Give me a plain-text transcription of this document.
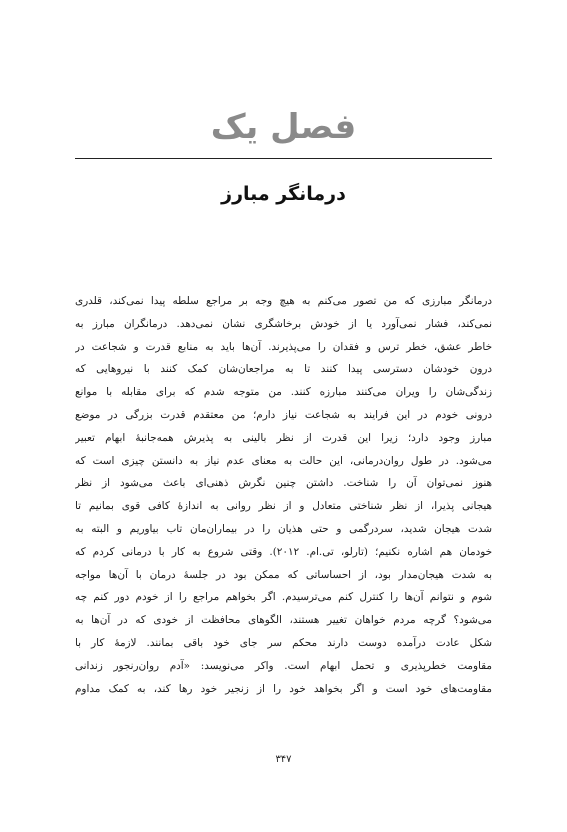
فصل یک
درمانگر مبارز
درمانگر مبارزی که من تصور می‌کنم به هیچ وجه بر مراجع سلطه پیدا نمی‌کند، قلدری
نمی‌کند، فشار نمی‌آورد یا از خودش برخاشگری نشان نمی‌دهد. درمانگران مبارز به
خاطر عشق، خطر ترس و فقدان را می‌پذیرند. آن‌ها باید به منابع قدرت و شجاعت در
درون خودشان دسترسی پیدا کنند تا به مراجعان‌شان کمک کنند با نیروهایی که
زندگی‌شان را ویران می‌کنند مبارزه کنند. من متوجه شدم که برای مقابله با موانع
درونی خودم در این فرایند به شجاعت نیاز دارم؛ من معتقدم قدرت بزرگی در موضع
مبارز وجود دارد؛ زیرا این قدرت از نظر بالینی به پذیرش همه‌جانبهٔ ابهام تعبیر
می‌شود. در طول روان‌درمانی، این حالت به معنای عدم نیاز به دانستن چیزی است که
هنوز نمی‌توان آن را شناخت. داشتن چنین نگرش ذهنی‌ای باعث می‌شود از نظر
هیجانی پذیرا، از نظر شناختی متعادل و از نظر روانی به اندازهٔ کافی قوی بمانیم تا
شدت هیجان شدید، سردرگمی و حتی هذیان را در بیماران‌مان تاب بیاوریم و البته به
خودمان هم اشاره نکنیم؛ (تارلو، تی.ام. ۲۰۱۲). وقتی شروع به کار با درمانی کردم که
به شدت هیجان‌مدار بود، از احساساتی که ممکن بود در جلسهٔ درمان با آن‌ها مواجه
شوم و نتوانم آن‌ها را کنترل کنم می‌ترسیدم. اگر بخواهم مراجع را از خودم دور کنم چه
می‌شود؟ گرچه مردم خواهان تغییر هستند، الگوهای محافظت از خودی که در آن‌ها به
شکل عادت درآمده دوست دارند محکم سر جای خود باقی بمانند. لازمهٔ کار با
مقاومت خطرپذیری و تحمل ابهام است. واکر می‌نویسد: «آدم روان‌رنجور زندانی
مقاومت‌های خود است و اگر بخواهد خود را از زنجیر خود رها کند، به کمک مداوم
۳۴۷
